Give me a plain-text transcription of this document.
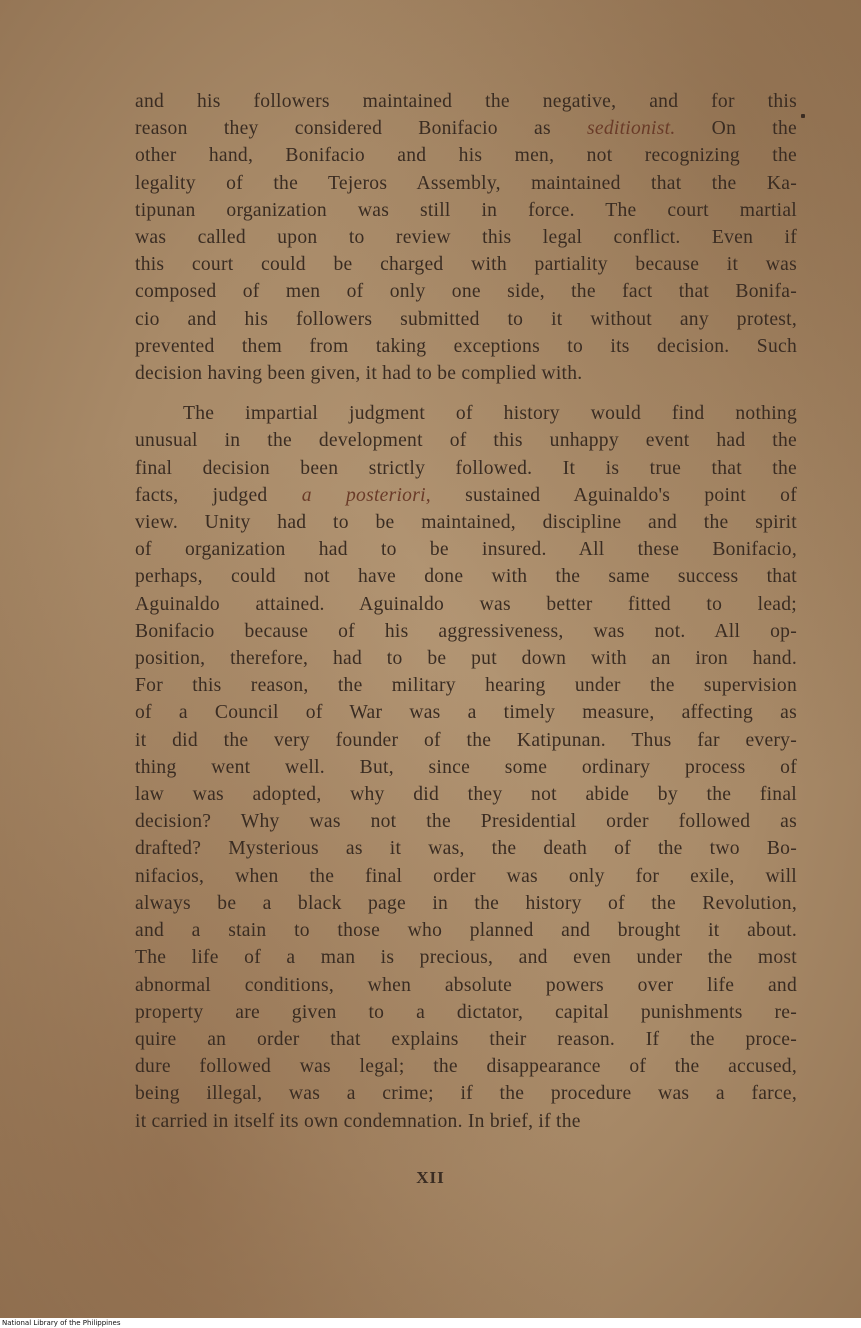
and his followers maintained the negative, and for this
reason they considered Bonifacio as seditionist. On the
other hand, Bonifacio and his men, not recognizing the
legality of the Tejeros Assembly, maintained that the Ka-
tipunan organization was still in force. The court martial
was called upon to review this legal conflict. Even if
this court could be charged with partiality because it was
composed of men of only one side, the fact that Bonifa-
cio and his followers submitted to it without any protest,
prevented them from taking exceptions to its decision. Such
decision having been given, it had to be complied with.
The impartial judgment of history would find nothing
unusual in the development of this unhappy event had the
final decision been strictly followed. It is true that the
facts, judged a posteriori, sustained Aguinaldo's point of
view. Unity had to be maintained, discipline and the spirit
of organization had to be insured. All these Bonifacio,
perhaps, could not have done with the same success that
Aguinaldo attained. Aguinaldo was better fitted to lead;
Bonifacio because of his aggressiveness, was not. All op-
position, therefore, had to be put down with an iron hand.
For this reason, the military hearing under the supervision
of a Council of War was a timely measure, affecting as
it did the very founder of the Katipunan. Thus far every-
thing went well. But, since some ordinary process of
law was adopted, why did they not abide by the final
decision? Why was not the Presidential order followed as
drafted? Mysterious as it was, the death of the two Bo-
nifacios, when the final order was only for exile, will
always be a black page in the history of the Revolution,
and a stain to those who planned and brought it about.
The life of a man is precious, and even under the most
abnormal conditions, when absolute powers over life and
property are given to a dictator, capital punishments re-
quire an order that explains their reason. If the proce-
dure followed was legal; the disappearance of the accused,
being illegal, was a crime; if the procedure was a farce,
it carried in itself its own condemnation. In brief, if the
XII
National Library of the Philippines
